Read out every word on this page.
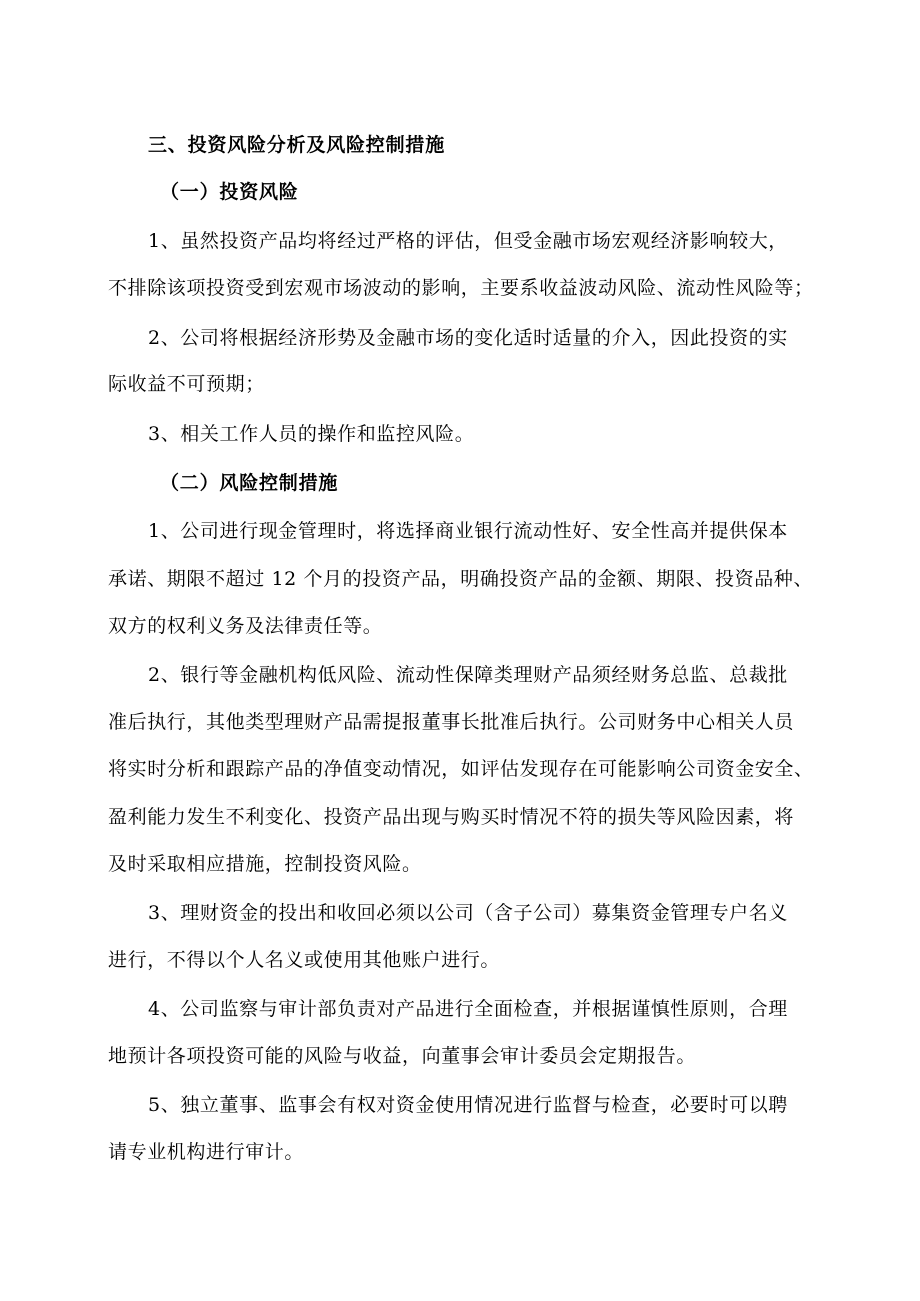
三、投资风险分析及风险控制措施
（一）投资风险
1、虽然投资产品均将经过严格的评估，但受金融市场宏观经济影响较大，
不排除该项投资受到宏观市场波动的影响，主要系收益波动风险、流动性风险等；
2、公司将根据经济形势及金融市场的变化适时适量的介入，因此投资的实
际收益不可预期；
3、相关工作人员的操作和监控风险。
（二）风险控制措施
1、公司进行现金管理时，将选择商业银行流动性好、安全性高并提供保本
承诺、期限不超过 12 个月的投资产品，明确投资产品的金额、期限、投资品种、
双方的权利义务及法律责任等。
2、银行等金融机构低风险、流动性保障类理财产品须经财务总监、总裁批
准后执行，其他类型理财产品需提报董事长批准后执行。公司财务中心相关人员
将实时分析和跟踪产品的净值变动情况，如评估发现存在可能影响公司资金安全、
盈利能力发生不利变化、投资产品出现与购买时情况不符的损失等风险因素，将
及时采取相应措施，控制投资风险。
3、理财资金的投出和收回必须以公司（含子公司）募集资金管理专户名义
进行，不得以个人名义或使用其他账户进行。
4、公司监察与审计部负责对产品进行全面检查，并根据谨慎性原则，合理
地预计各项投资可能的风险与收益，向董事会审计委员会定期报告。
5、独立董事、监事会有权对资金使用情况进行监督与检查，必要时可以聘
请专业机构进行审计。
